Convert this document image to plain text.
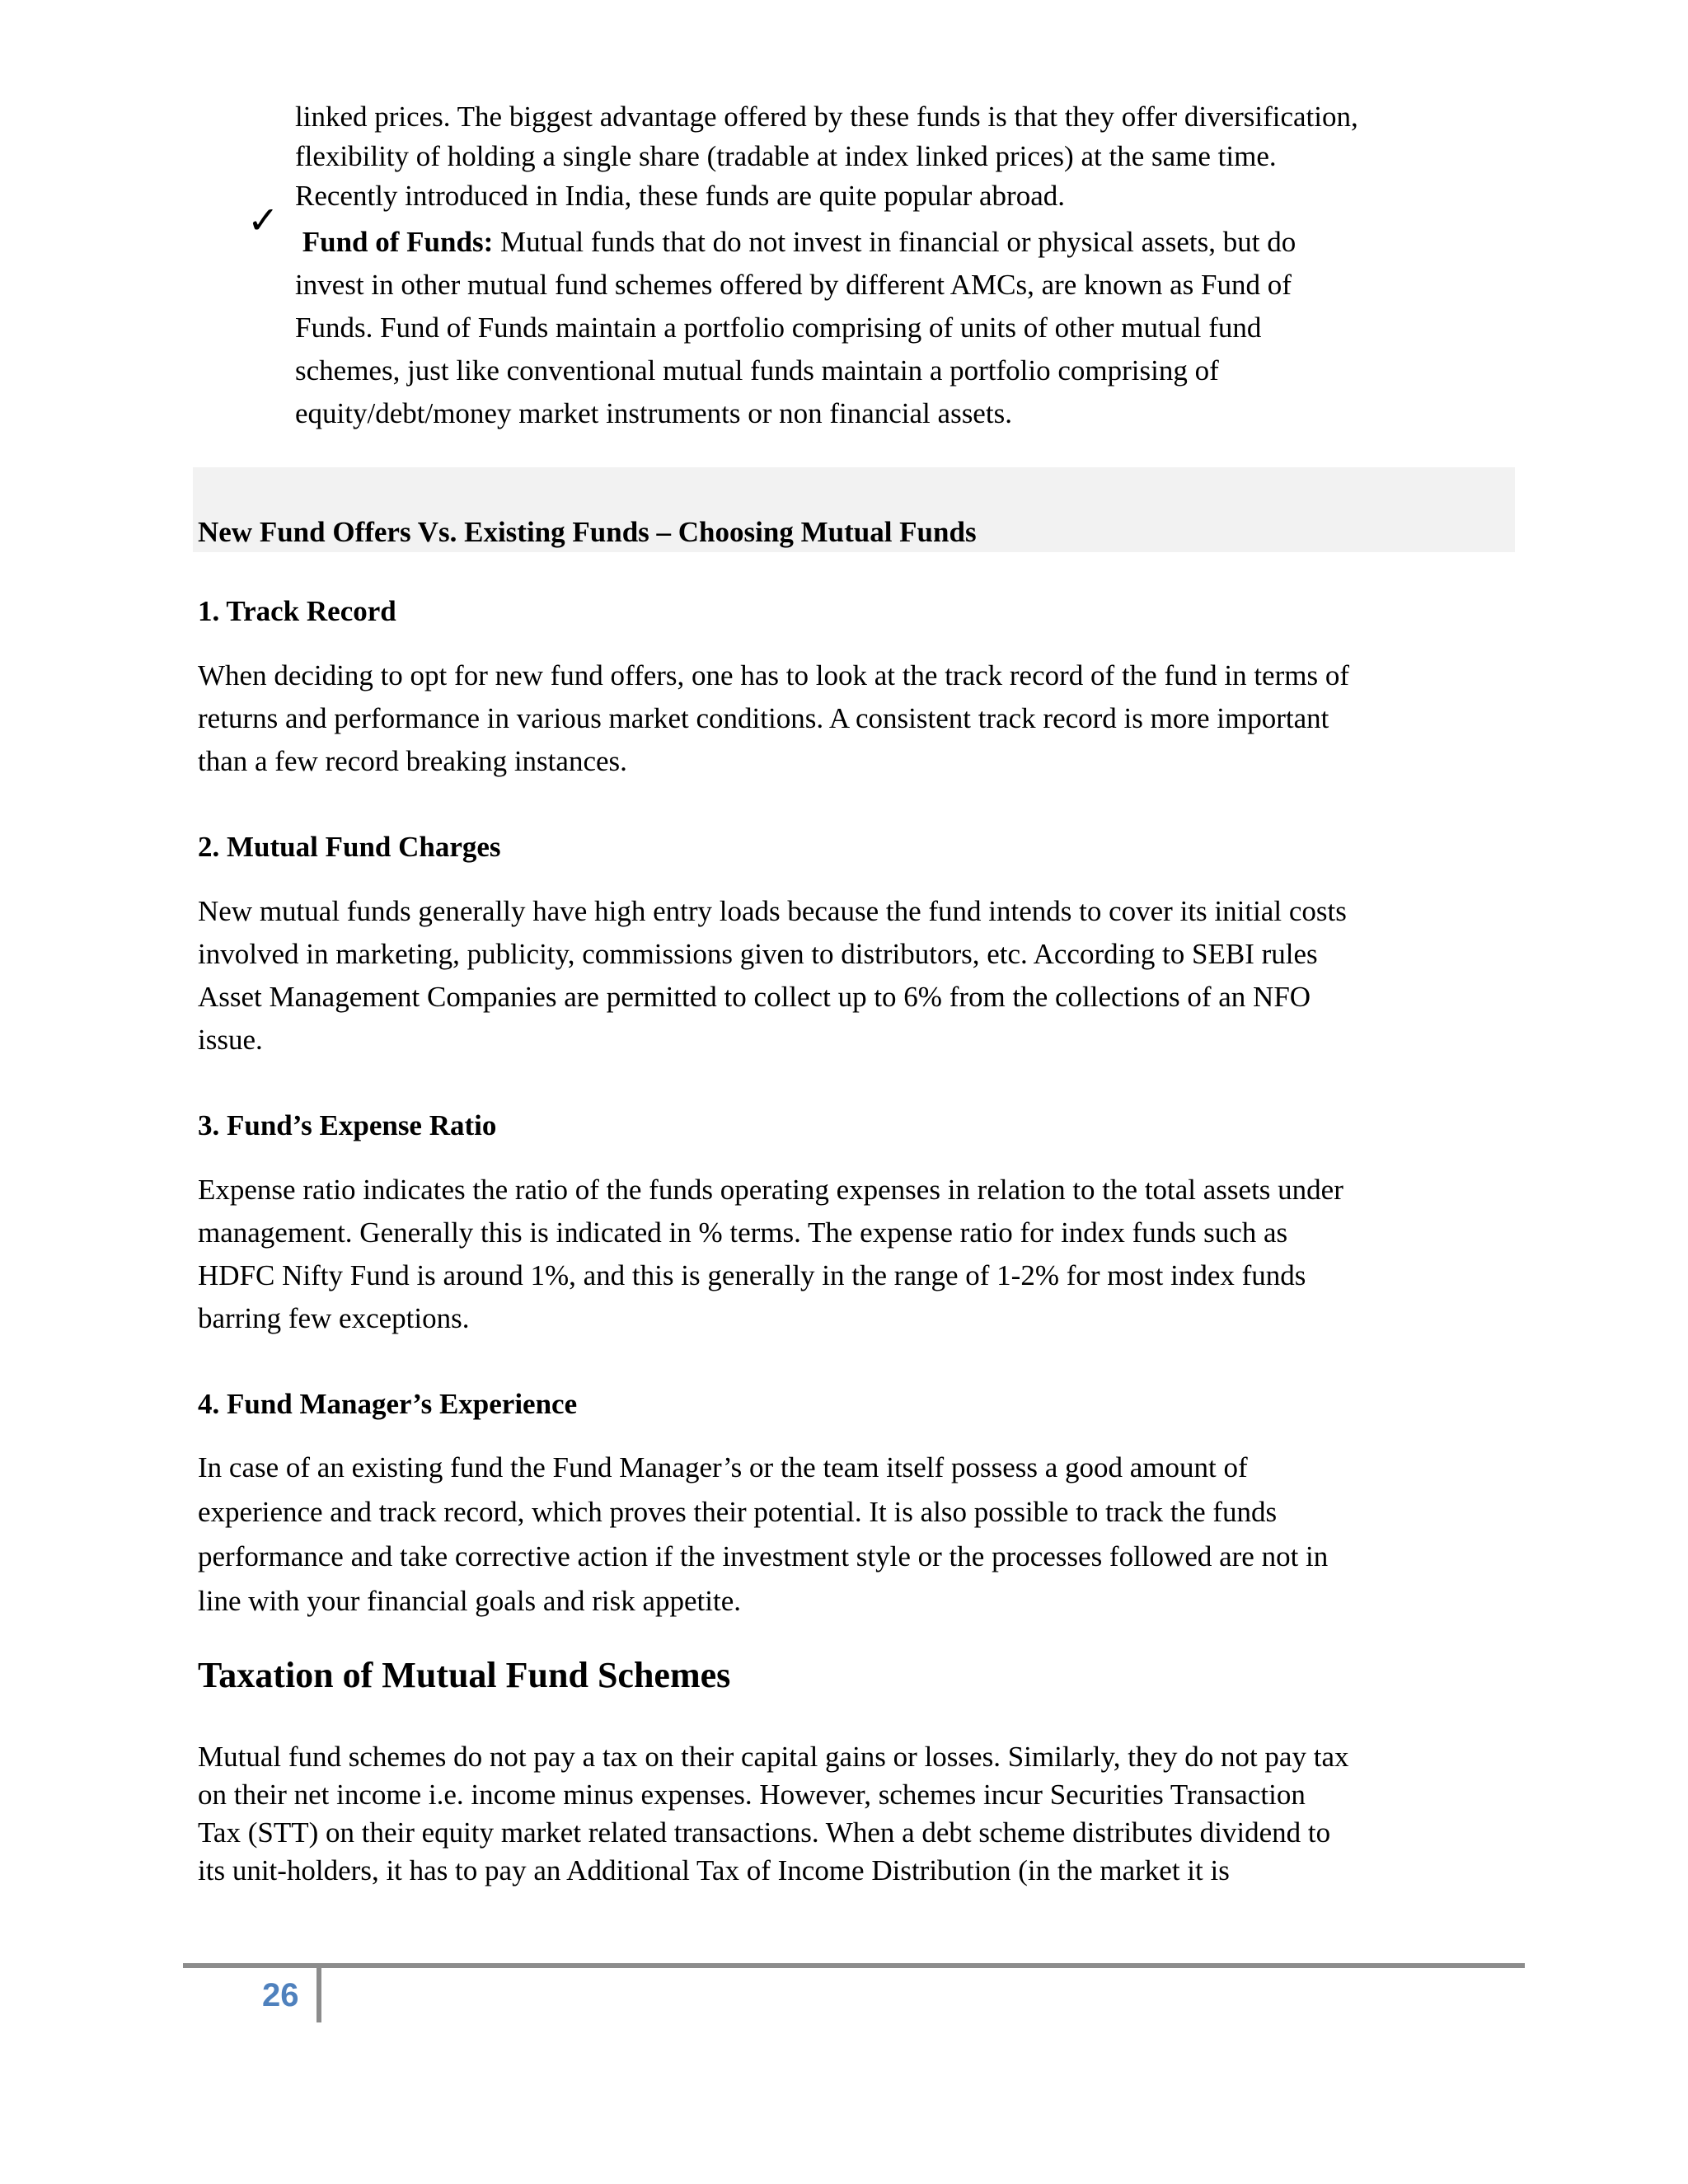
linked prices. The biggest advantage offered by these funds is that they offer diversification,
flexibility of holding a single share (tradable at index linked prices) at the same time.
Recently introduced in India, these funds are quite popular abroad.
✓ Fund of Funds: Mutual funds that do not invest in financial or physical assets, but do
invest in other mutual fund schemes offered by different AMCs, are known as Fund of
Funds. Fund of Funds maintain a portfolio comprising of units of other mutual fund
schemes, just like conventional mutual funds maintain a portfolio comprising of
equity/debt/money market instruments or non financial assets.
New Fund Offers Vs. Existing Funds – Choosing Mutual Funds
1. Track Record
When deciding to opt for new fund offers, one has to look at the track record of the fund in terms of
returns and performance in various market conditions. A consistent track record is more important
than a few record breaking instances.
2. Mutual Fund Charges
New mutual funds generally have high entry loads because the fund intends to cover its initial costs
involved in marketing, publicity, commissions given to distributors, etc. According to SEBI rules
Asset Management Companies are permitted to collect up to 6% from the collections of an NFO
issue.
3. Fund’s Expense Ratio
Expense ratio indicates the ratio of the funds operating expenses in relation to the total assets under
management. Generally this is indicated in % terms. The expense ratio for index funds such as
HDFC Nifty Fund is around 1%, and this is generally in the range of 1-2% for most index funds
barring few exceptions.
4. Fund Manager’s Experience
In case of an existing fund the Fund Manager’s or the team itself possess a good amount of
experience and track record, which proves their potential. It is also possible to track the funds
performance and take corrective action if the investment style or the processes followed are not in
line with your financial goals and risk appetite.
Taxation of Mutual Fund Schemes
Mutual fund schemes do not pay a tax on their capital gains or losses. Similarly, they do not pay tax
on their net income i.e. income minus expenses. However, schemes incur Securities Transaction
Tax (STT) on their equity market related transactions. When a debt scheme distributes dividend to
its unit-holders, it has to pay an Additional Tax of Income Distribution (in the market it is
26
